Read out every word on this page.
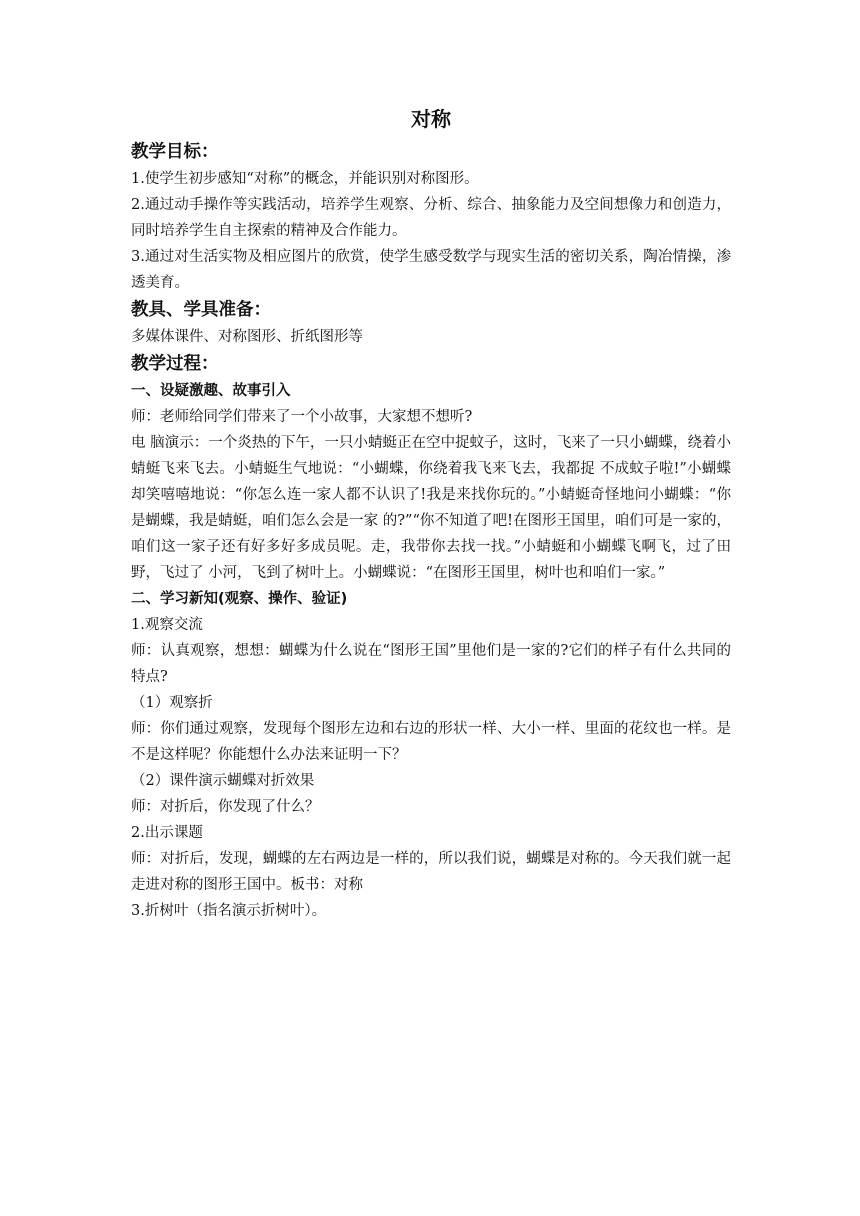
对称
教学目标：
1.使学生初步感知“对称”的概念，并能识别对称图形。
2.通过动手操作等实践活动，培养学生观察、分析、综合、抽象能力及空间想像力和创造力，同时培养学生自主探索的精神及合作能力。
3.通过对生活实物及相应图片的欣赏，使学生感受数学与现实生活的密切关系，陶冶情操，渗透美育。
教具、学具准备：
多媒体课件、对称图形、折纸图形等
教学过程：
一、设疑激趣、故事引入
师：老师给同学们带来了一个小故事，大家想不想听?
电 脑演示：一个炎热的下午，一只小蜻蜓正在空中捉蚊子，这时，飞来了一只小蝴蝶，绕着小蜻蜓飞来飞去。小蜻蜓生气地说：“小蝴蝶，你绕着我飞来飞去，我都捉 不成蚊子啦!”小蝴蝶却笑嘻嘻地说：“你怎么连一家人都不认识了!我是来找你玩的。”小蜻蜓奇怪地问小蝴蝶：“你是蝴蝶，我是蜻蜓，咱们怎么会是一家 的?”“你不知道了吧!在图形王国里，咱们可是一家的，咱们这一家子还有好多好多成员呢。走，我带你去找一找。”小蜻蜓和小蝴蝶飞啊飞，过了田野，飞过了 小河，飞到了树叶上。小蝴蝶说：“在图形王国里，树叶也和咱们一家。”
二、学习新知(观察、操作、验证)
1.观察交流
师：认真观察，想想：蝴蝶为什么说在“图形王国”里他们是一家的?它们的样子有什么共同的特点?
（1）观察折
师：你们通过观察，发现每个图形左边和右边的形状一样、大小一样、里面的花纹也一样。是不是这样呢？你能想什么办法来证明一下？
（2）课件演示蝴蝶对折效果
师：对折后，你发现了什么？
2.出示课题
师：对折后，发现，蝴蝶的左右两边是一样的，所以我们说，蝴蝶是对称的。今天我们就一起走进对称的图形王国中。板书：对称
3.折树叶（指名演示折树叶）。
